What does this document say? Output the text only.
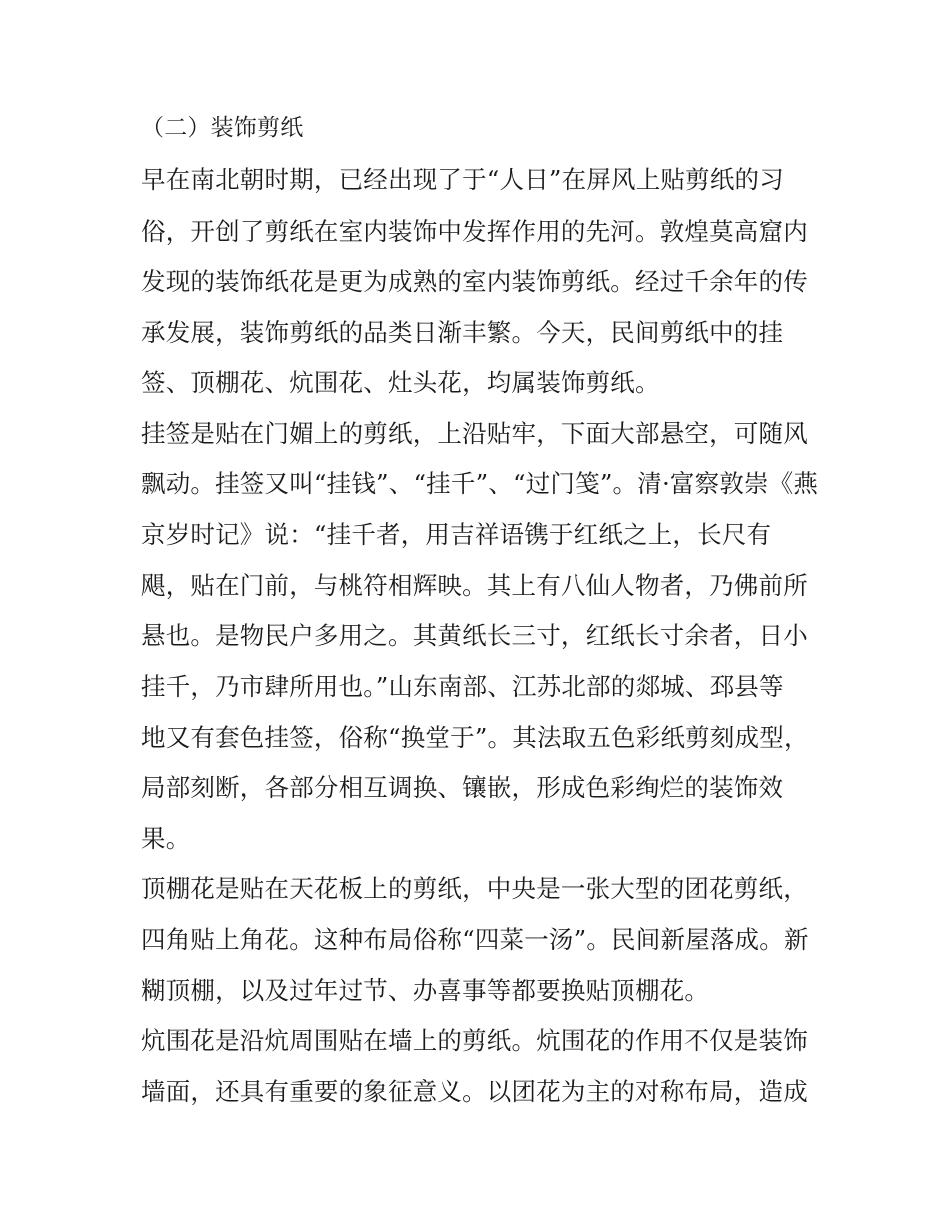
（二）装饰剪纸
早在南北朝时期，已经出现了于“人日”在屏风上贴剪纸的习
俗，开创了剪纸在室内装饰中发挥作用的先河。敦煌莫高窟内
发现的装饰纸花是更为成熟的室内装饰剪纸。经过千余年的传
承发展，装饰剪纸的品类日渐丰繁。今天，民间剪纸中的挂
签、顶棚花、炕围花、灶头花，均属装饰剪纸。
挂签是贴在门媚上的剪纸，上沿贴牢，下面大部悬空，可随风
飘动。挂签又叫“挂钱”、“挂千”、“过门笺”。清·富察敦崇《燕
京岁时记》说：“挂千者，用吉祥语镌于红纸之上，长尺有
飓，贴在门前，与桃符相辉映。其上有八仙人物者，乃佛前所
悬也。是物民户多用之。其黄纸长三寸，红纸长寸余者，日小
挂千，乃市肆所用也。”山东南部、江苏北部的郯城、邳县等
地又有套色挂签，俗称“换堂于”。其法取五色彩纸剪刻成型，
局部刻断，各部分相互调换、镶嵌，形成色彩绚烂的装饰效
果。
顶棚花是贴在天花板上的剪纸，中央是一张大型的团花剪纸，
四角贴上角花。这种布局俗称“四菜一汤”。民间新屋落成。新
糊顶棚，以及过年过节、办喜事等都要换贴顶棚花。
炕围花是沿炕周围贴在墙上的剪纸。炕围花的作用不仅是装饰
墙面，还具有重要的象征意义。以团花为主的对称布局，造成
